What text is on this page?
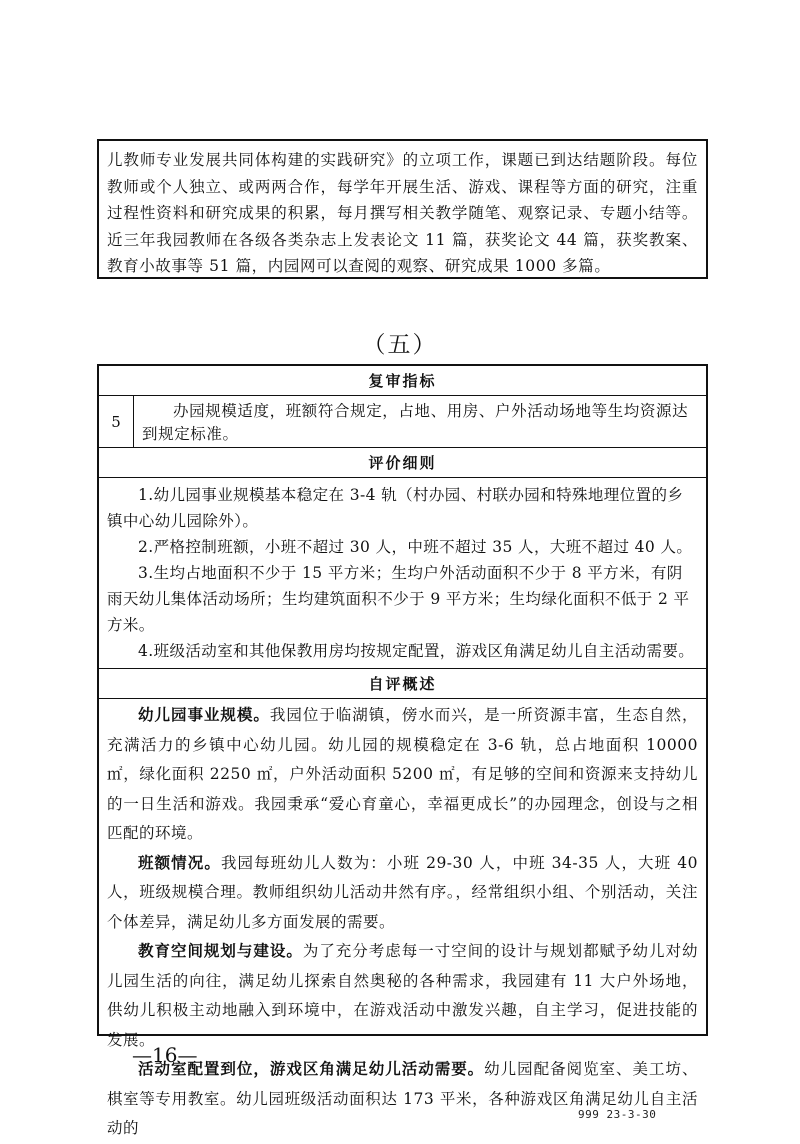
儿教师专业发展共同体构建的实践研究》的立项工作，课题已到达结题阶段。每位教师或个人独立、或两两合作，每学年开展生活、游戏、课程等方面的研究，注重过程性资料和研究成果的积累，每月撰写相关教学随笔、观察记录、专题小结等。近三年我园教师在各级各类杂志上发表论文 11 篇，获奖论文 44 篇，获奖教案、教育小故事等 51 篇，内园网可以查阅的观察、研究成果 1000 多篇。

（五）
复审指标
5
办园规模适度，班额符合规定，占地、用房、户外活动场地等生均资源达到规定标准。
评价细则

1.幼儿园事业规模基本稳定在 3-4 轨（村办园、村联办园和特殊地理位置的乡镇中心幼儿园除外）。

2.严格控制班额，小班不超过 30 人，中班不超过 35 人，大班不超过 40 人。

3.生均占地面积不少于 15 平方米；生均户外活动面积不少于 8 平方米，有阴雨天幼儿集体活动场所；生均建筑面积不少于 9 平方米；生均绿化面积不低于 2 平方米。

4.班级活动室和其他保教用房均按规定配置，游戏区角满足幼儿自主活动需要。

自评概述

幼儿园事业规模。我园位于临湖镇，傍水而兴，是一所资源丰富，生态自然，充满活力的乡镇中心幼儿园。幼儿园的规模稳定在 3-6 轨，总占地面积 10000 ㎡，绿化面积 2250 ㎡，户外活动面积 5200 ㎡，有足够的空间和资源来支持幼儿的一日生活和游戏。我园秉承“爱心育童心，幸福更成长”的办园理念，创设与之相匹配的环境。

班额情况。我园每班幼儿人数为：小班 29-30 人，中班 34-35 人，大班 40 人，班级规模合理。教师组织幼儿活动井然有序。，经常组织小组、个别活动，关注个体差异，满足幼儿多方面发展的需要。

教育空间规划与建设。为了充分考虑每一寸空间的设计与规划都赋予幼儿对幼儿园生活的向往，满足幼儿探索自然奥秘的各种需求，我园建有 11 大户外场地，供幼儿积极主动地融入到环境中，在游戏活动中激发兴趣，自主学习，促进技能的发展。

活动室配置到位，游戏区角满足幼儿活动需要。幼儿园配备阅览室、美工坊、棋室等专用教室。幼儿园班级活动面积达 173 平米，各种游戏区角满足幼儿自主活动的

—16—
999 23-3-30
